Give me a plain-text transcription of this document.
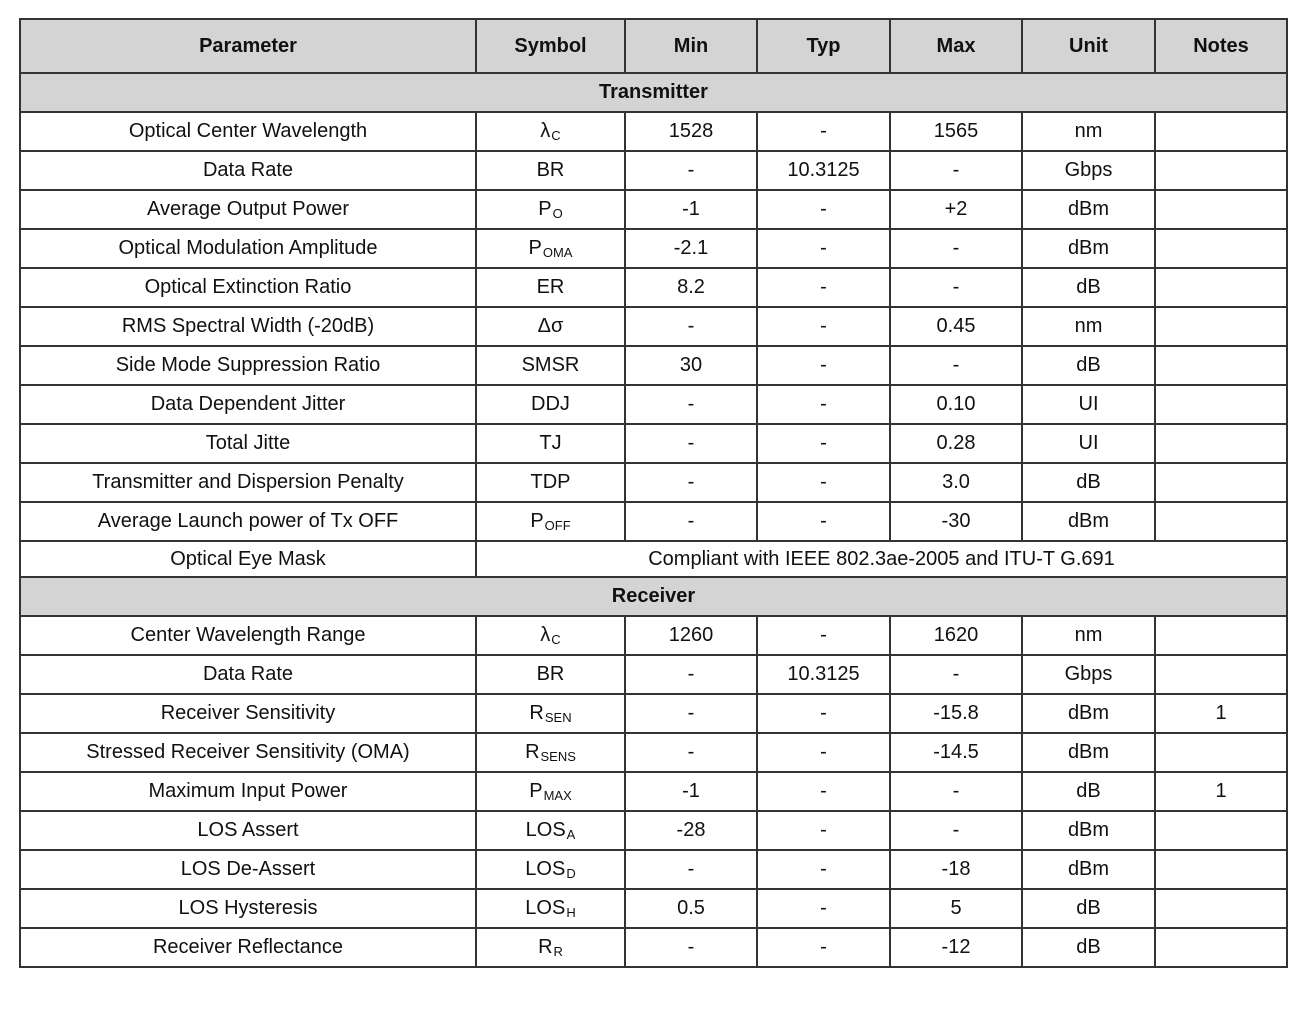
Parameter	Symbol	Min	Typ	Max	Unit	Notes
Transmitter						
Optical Center Wavelength	$\lambda_C$	1528	-	1565	nm	
Data Rate	BR	-	10.3125	-	Gbps	
Average Output Power	$P_O$	-1	-	+2	dBm	
Optical Modulation Amplitude	$P_{OMA}$	-2.1	-	-	dBm	
Optical Extinction Ratio	ER	8.2	-	-	dB	
RMS Spectral Width (-20dB)	Δσ	-	-	0.45	nm	
Side Mode Suppression Ratio	SMSR	30	-	-	dB	
Data Dependent Jitter	DDJ	-	-	0.10	UI	
Total Jitte	TJ	-	-	0.28	UI	
Transmitter and Dispersion Penalty	TDP	-	-	3.0	dB	
Average Launch power of Tx OFF	$P_{OFF}$	-	-	-30	dBm	
Optical Eye Mask	Compliant with IEEE 802.3ae-2005 and ITU-T G.691					
Receiver						
Center Wavelength Range	$\lambda_C$	1260	-	1620	nm	
Data Rate	BR	-	10.3125	-	Gbps	
Receiver Sensitivity	$R_{SEN}$	-	-	-15.8	dBm	1
Stressed Receiver Sensitivity (OMA)	$R_{SENS}$	-	-	-14.5	dBm	
Maximum Input Power	$P_{MAX}$	-1	-	-	dB	1
LOS Assert	$LOS_A$	-28	-	-	dBm	
LOS De-Assert	$LOS_D$	-	-	-18	dBm	
LOS Hysteresis	$LOS_H$	0.5	-	5	dB	
Receiver Reflectance	$R_R$	-	-	-12	dB	
